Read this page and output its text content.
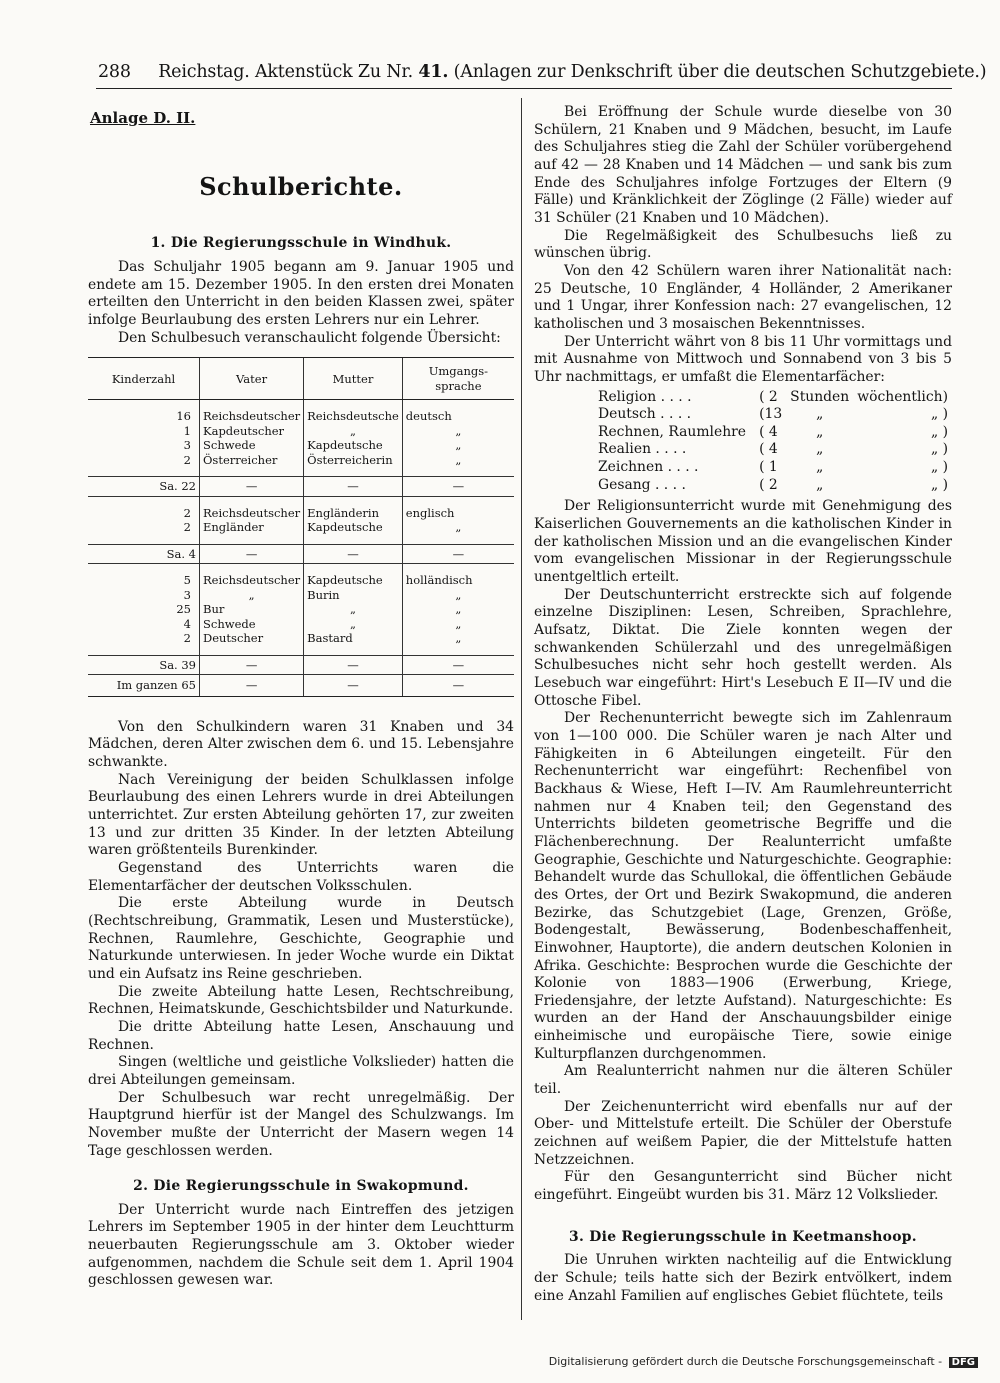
288 Reichstag. Aktenstück Zu Nr. 41. (Anlagen zur Denkschrift über die deutschen Schutzgebiete.)
Anlage D. II.
Schulberichte.
1. Die Regierungsschule in Windhuk.

Das Schuljahr 1905 begann am 9. Januar 1905 und endete am 15. Dezember 1905. In den ersten drei Monaten erteilten den Unterricht in den beiden Klassen zwei, später infolge Beurlaubung des ersten Lehrers nur ein Lehrer.

Den Schulbesuch veranschaulicht folgende Übersicht:

Kinderzahl	Vater	Mutter	Umgangs-sprache

16	Reichsdeutscher	Reichsdeutsche	deutsch
1	Kapdeutscher	„	„
3	Schwede	Kapdeutsche	„
2	Österreicher	Österreicherin	„

Sa. 22	—	—	—

2	Reichsdeutscher	Engländerin	englisch
2	Engländer	Kapdeutsche	„

Sa. 4	—	—	—

5	Reichsdeutscher	Kapdeutsche	holländisch
3	„	Burin	„
25	Bur	„	„
4	Schwede	„	„
2	Deutscher	Bastard	„

Sa. 39	—	—	—
Im ganzen 65	—	—	—

Von den Schulkindern waren 31 Knaben und 34 Mädchen, deren Alter zwischen dem 6. und 15. Lebensjahre schwankte.

Nach Vereinigung der beiden Schulklassen infolge Beurlaubung des einen Lehrers wurde in drei Abteilungen unterrichtet. Zur ersten Abteilung gehörten 17, zur zweiten 13 und zur dritten 35 Kinder. In der letzten Abteilung waren größtenteils Burenkinder.

Gegenstand des Unterrichts waren die Elementarfächer der deutschen Volksschulen.

Die erste Abteilung wurde in Deutsch (Rechtschreibung, Grammatik, Lesen und Musterstücke), Rechnen, Raumlehre, Geschichte, Geographie und Naturkunde unterwiesen. In jeder Woche wurde ein Diktat und ein Aufsatz ins Reine geschrieben.

Die zweite Abteilung hatte Lesen, Rechtschreibung, Rechnen, Heimatskunde, Geschichtsbilder und Naturkunde.

Die dritte Abteilung hatte Lesen, Anschauung und Rechnen.

Singen (weltliche und geistliche Volkslieder) hatten die drei Abteilungen gemeinsam.

Der Schulbesuch war recht unregelmäßig. Der Hauptgrund hierfür ist der Mangel des Schulzwangs. Im November mußte der Unterricht der Masern wegen 14 Tage geschlossen werden.

2. Die Regierungsschule in Swakopmund.

Der Unterricht wurde nach Eintreffen des jetzigen Lehrers im September 1905 in der hinter dem Leuchtturm neuerbauten Regierungsschule am 3. Oktober wieder aufgenommen, nachdem die Schule seit dem 1. April 1904 geschlossen gewesen war.

Bei Eröffnung der Schule wurde dieselbe von 30 Schülern, 21 Knaben und 9 Mädchen, besucht, im Laufe des Schuljahres stieg die Zahl der Schüler vorübergehend auf 42 — 28 Knaben und 14 Mädchen — und sank bis zum Ende des Schuljahres infolge Fortzuges der Eltern (9 Fälle) und Kränklichkeit der Zöglinge (2 Fälle) wieder auf 31 Schüler (21 Knaben und 10 Mädchen).

Die Regelmäßigkeit des Schulbesuchs ließ zu wünschen übrig.

Von den 42 Schülern waren ihrer Nationalität nach: 25 Deutsche, 10 Engländer, 4 Holländer, 2 Amerikaner und 1 Ungar, ihrer Konfession nach: 27 evangelischen, 12 katholischen und 3 mosaischen Bekenntnisses.

Der Unterricht währt von 8 bis 11 Uhr vormittags und mit Ausnahme von Mittwoch und Sonnabend von 3 bis 5 Uhr nachmittags, er umfaßt die Elementarfächer:

Religion . . . .	( 2	Stunden	wöchentlich)
Deutsch . . . .	(13	„	„ )
Rechnen, Raumlehre	( 4	„	„ )
Realien . . . .	( 4	„	„ )
Zeichnen . . . .	( 1	„	„ )
Gesang . . . .	( 2	„	„ )

Der Religionsunterricht wurde mit Genehmigung des Kaiserlichen Gouvernements an die katholischen Kinder in der katholischen Mission und an die evangelischen Kinder vom evangelischen Missionar in der Regierungsschule unentgeltlich erteilt.

Der Deutschunterricht erstreckte sich auf folgende einzelne Disziplinen: Lesen, Schreiben, Sprachlehre, Aufsatz, Diktat. Die Ziele konnten wegen der schwankenden Schülerzahl und des unregelmäßigen Schulbesuches nicht sehr hoch gestellt werden. Als Lesebuch war eingeführt: Hirt's Lesebuch E II—IV und die Ottosche Fibel.

Der Rechenunterricht bewegte sich im Zahlenraum von 1—100 000. Die Schüler waren je nach Alter und Fähigkeiten in 6 Abteilungen eingeteilt. Für den Rechenunterricht war eingeführt: Rechenfibel von Backhaus & Wiese, Heft I—IV. Am Raumlehreunterricht nahmen nur 4 Knaben teil; den Gegenstand des Unterrichts bildeten geometrische Begriffe und die Flächenberechnung. Der Realunterricht umfaßte Geographie, Geschichte und Naturgeschichte. Geographie: Behandelt wurde das Schullokal, die öffentlichen Gebäude des Ortes, der Ort und Bezirk Swakopmund, die anderen Bezirke, das Schutzgebiet (Lage, Grenzen, Größe, Bodengestalt, Bewässerung, Bodenbeschaffenheit, Einwohner, Hauptorte), die andern deutschen Kolonien in Afrika. Geschichte: Besprochen wurde die Geschichte der Kolonie von 1883—1906 (Erwerbung, Kriege, Friedensjahre, der letzte Aufstand). Naturgeschichte: Es wurden an der Hand der Anschauungsbilder einige einheimische und europäische Tiere, sowie einige Kulturpflanzen durchgenommen.

Am Realunterricht nahmen nur die älteren Schüler teil.

Der Zeichenunterricht wird ebenfalls nur auf der Ober- und Mittelstufe erteilt. Die Schüler der Oberstufe zeichnen auf weißem Papier, die der Mittelstufe hatten Netzzeichnen.

Für den Gesangunterricht sind Bücher nicht eingeführt. Eingeübt wurden bis 31. März 12 Volkslieder.

3. Die Regierungsschule in Keetmanshoop.

Die Unruhen wirkten nachteilig auf die Entwicklung der Schule; teils hatte sich der Bezirk entvölkert, indem eine Anzahl Familien auf englisches Gebiet flüchtete, teils

Digitalisierung gefördert durch die Deutsche Forschungsgemeinschaft - DFG
